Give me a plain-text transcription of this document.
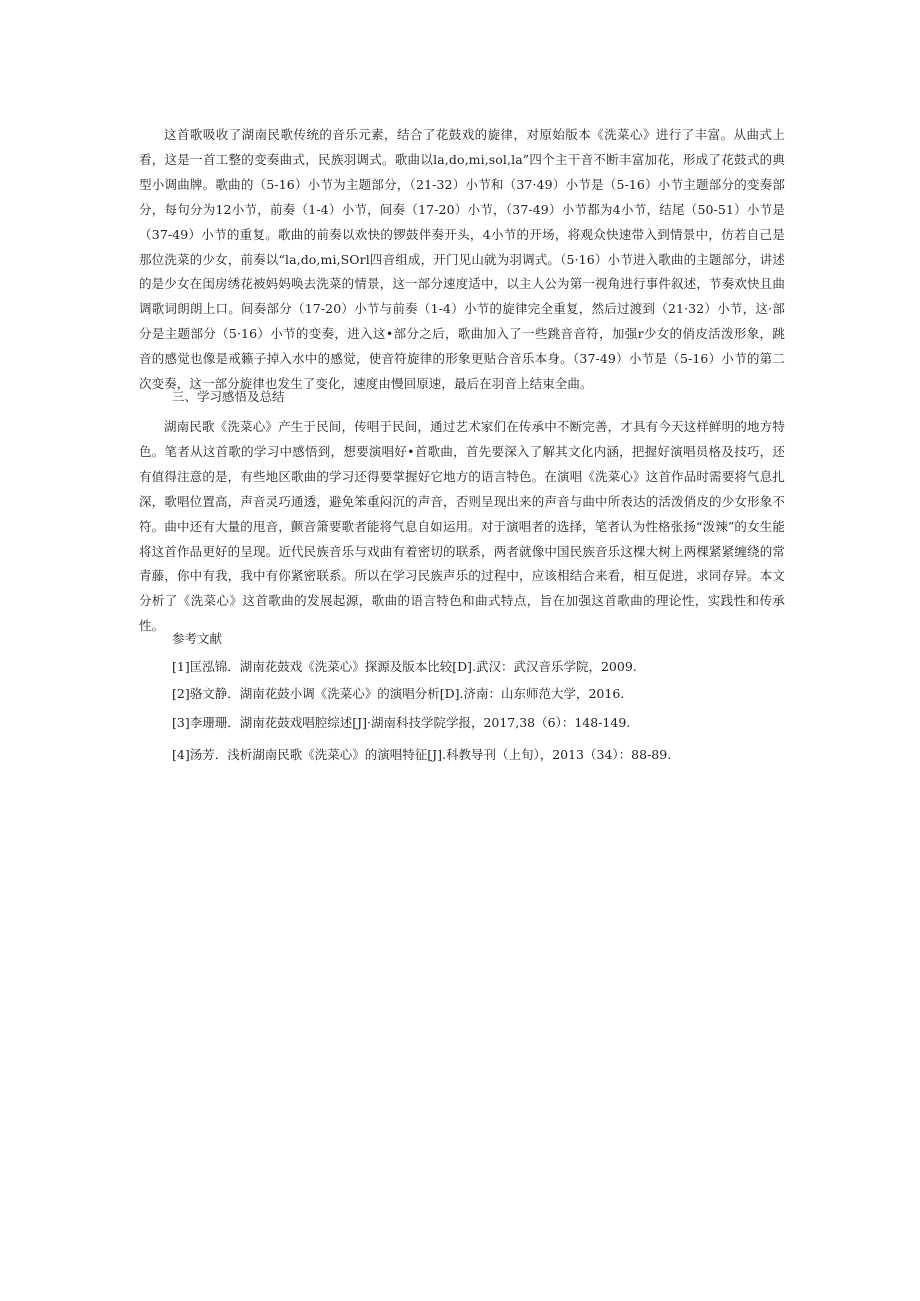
这首歌吸收了湖南民歌传统的音乐元素，结合了花鼓戏的旋律，对原始版本《洗菜心》进行了丰富。从曲式上看，这是一首工整的变奏曲式，民族羽调式。歌曲以la,do,mi,sol,la”四个主干音不断丰富加花，形成了花鼓式的典型小调曲牌。歌曲的（5-16）小节为主题部分，（21-32）小节和（37·49）小节是（5-16）小节主题部分的变奏部分，每句分为12小节，前奏（1-4）小节，间奏（17-20）小节，（37-49）小节都为4小节，结尾（50-51）小节是（37-49）小节的重复。歌曲的前奏以欢快的锣鼓伴奏开头，4小节的开场，将观众快速带入到情景中，仿若自己是那位洗菜的少女，前奏以“la,do,mi,SOrl四音组成，开门见山就为羽调式。（5·16）小节进入歌曲的主题部分，讲述的是少女在闺房绣花被妈妈唤去洗菜的情景，这一部分速度适中，以主人公为第一视角进行事件叙述，节奏欢快且曲调歌词朗朗上口。间奏部分（17-20）小节与前奏（1-4）小节的旋律完全重复，然后过渡到（21·32）小节，这·部分是主题部分（5·16）小节的变奏，进入这•部分之后，歌曲加入了一些跳音音符，加强r少女的俏皮活泼形象，跳音的感觉也像是戒籁子掉入水中的感觉，使音符旋律的形象更贴合音乐本身。（37-49）小节是（5-16）小节的第二次变奏，这一部分旋律也发生了变化，速度由慢回原速，最后在羽音上结束全曲。

三、学习感悟及总结

湖南民歌《洗菜心》产生于民间，传唱于民间，通过艺术家们在传承中不断完善，才具有今天这样鲜明的地方特色。笔者从这首歌的学习中感悟到，想要演唱好•首歌曲，首先要深入了解其文化内涵，把握好演唱员格及技巧，还有值得注意的是，有些地区歌曲的学习还得要掌握好它地方的语言特色。在演唱《洗菜心》这首作品时需要将气息扎深，歌唱位置高，声音灵巧通透，避免笨重闷沉的声音，否则呈现出来的声音与曲中所表达的活泼俏皮的少女形象不符。曲中还有大量的甩音，颤音箫要歌者能将气息自如运用。对于演唱者的选择，笔者认为性格张扬“泼辣”的女生能将这首作品更好的呈现。近代民族音乐与戏曲有着密切的联系，两者就像中国民族音乐这棵大树上两棵紧紧缠绕的常青藤，你中有我，我中有你紧密联系。所以在学习民族声乐的过程中，应该相结合来看，相互促进，求同存异。本文分析了《洗菜心》这首歌曲的发展起源，歌曲的语言特色和曲式特点，旨在加强这首歌曲的理论性，实践性和传承性。

参考文献
[1]匡泓锦．湖南花鼓戏《洗菜心》探源及版本比较[D].武汉：武汉音乐学院，2009.
[2]骆文静．湖南花鼓小调《洗菜心》的演唱分析[D].济南：山东师范大学，2016.
[3]李珊珊．湖南花鼓戏唱腔综述[J]·湖南科技学院学报，2017,38（6）：148-149.
[4]汤芳．浅析湖南民歌《洗菜心》的演唱特征[J].科教导刊（上旬），2013（34）：88-89.
